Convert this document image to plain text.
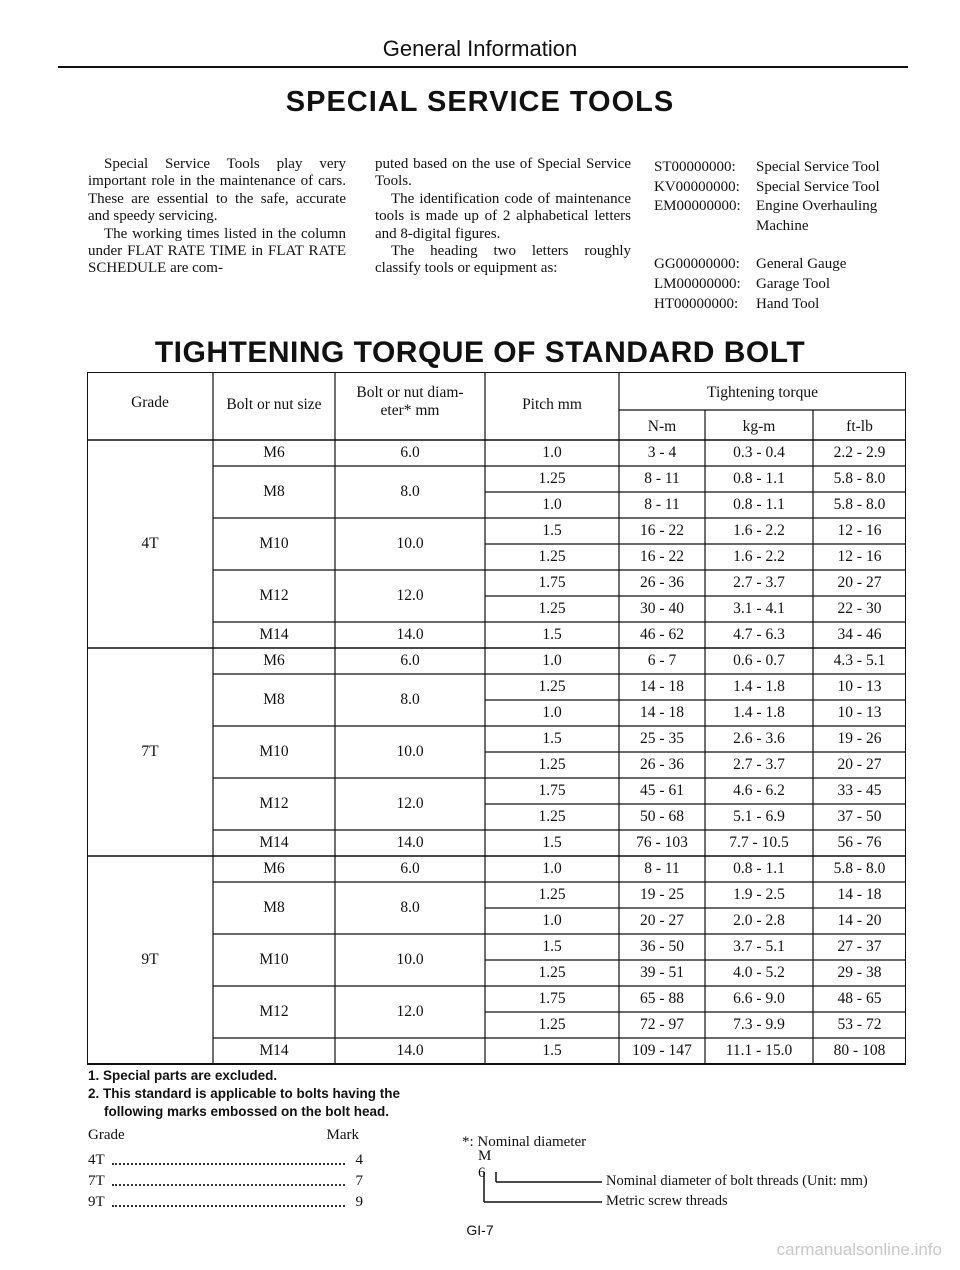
General Information
SPECIAL SERVICE TOOLS

Special Service Tools play very important role in the maintenance of cars. These are essential to the safe, accurate and speedy servicing.

The working times listed in the column under FLAT RATE TIME in FLAT RATE SCHEDULE are com-

puted based on the use of Special Service Tools.

The identification code of maintenance tools is made up of 2 alphabetical letters and 8-digital figures.

The heading two letters roughly classify tools or equipment as:

ST00000000:	Special Service Tool
KV00000000:	Special Service Tool
EM00000000:	Engine Overhauling Machine
GG00000000:	General Gauge
LM00000000:	Garage Tool
HT00000000:	Hand Tool
TIGHTENING TORQUE OF STANDARD BOLT
Grade	Bolt or nut size
Bolt or nut diam-
eter* mm	Pitch mm
Tightening torque
N-m	kg-m	ft-lb
4T
M6	6.0	1.0	3 - 4	0.3 - 0.4	2.2 - 2.9
M8	8.0
1.25	8 - 11	0.8 - 1.1	5.8 - 8.0
1.0	8 - 11	0.8 - 1.1	5.8 - 8.0
M10	10.0
1.5	16 - 22	1.6 - 2.2	12 - 16
1.25	16 - 22	1.6 - 2.2	12 - 16
M12	12.0
1.75	26 - 36	2.7 - 3.7	20 - 27
1.25	30 - 40	3.1 - 4.1	22 - 30
M14	14.0	1.5	46 - 62	4.7 - 6.3	34 - 46
7T
M6	6.0	1.0	6 - 7	0.6 - 0.7	4.3 - 5.1
M8	8.0
1.25	14 - 18	1.4 - 1.8	10 - 13
1.0	14 - 18	1.4 - 1.8	10 - 13
M10	10.0
1.5	25 - 35	2.6 - 3.6	19 - 26
1.25	26 - 36	2.7 - 3.7	20 - 27
M12	12.0
1.75	45 - 61	4.6 - 6.2	33 - 45
1.25	50 - 68	5.1 - 6.9	37 - 50
M14	14.0	1.5	76 - 103	7.7 - 10.5	56 - 76
9T
M6	6.0	1.0	8 - 11	0.8 - 1.1	5.8 - 8.0
M8	8.0
1.25	19 - 25	1.9 - 2.5	14 - 18
1.0	20 - 27	2.0 - 2.8	14 - 20
M10	10.0
1.5	36 - 50	3.7 - 5.1	27 - 37
1.25	39 - 51	4.0 - 5.2	29 - 38
M12	12.0
1.75	65 - 88	6.6 - 9.0	48 - 65
1.25	72 - 97	7.3 - 9.9	53 - 72
M14	14.0	1.5	109 - 147	11.1 - 15.0	80 - 108
1. Special parts are excluded.
2. This standard is applicable to bolts having the
following marks embossed on the bolt head.
Grade	Mark
4T	4
7T	7
9T	9
*: Nominal diameter
M 6	Nominal diameter of bolt threads (Unit: mm)
Metric screw threads
GI-7
carmanualsonline.info
